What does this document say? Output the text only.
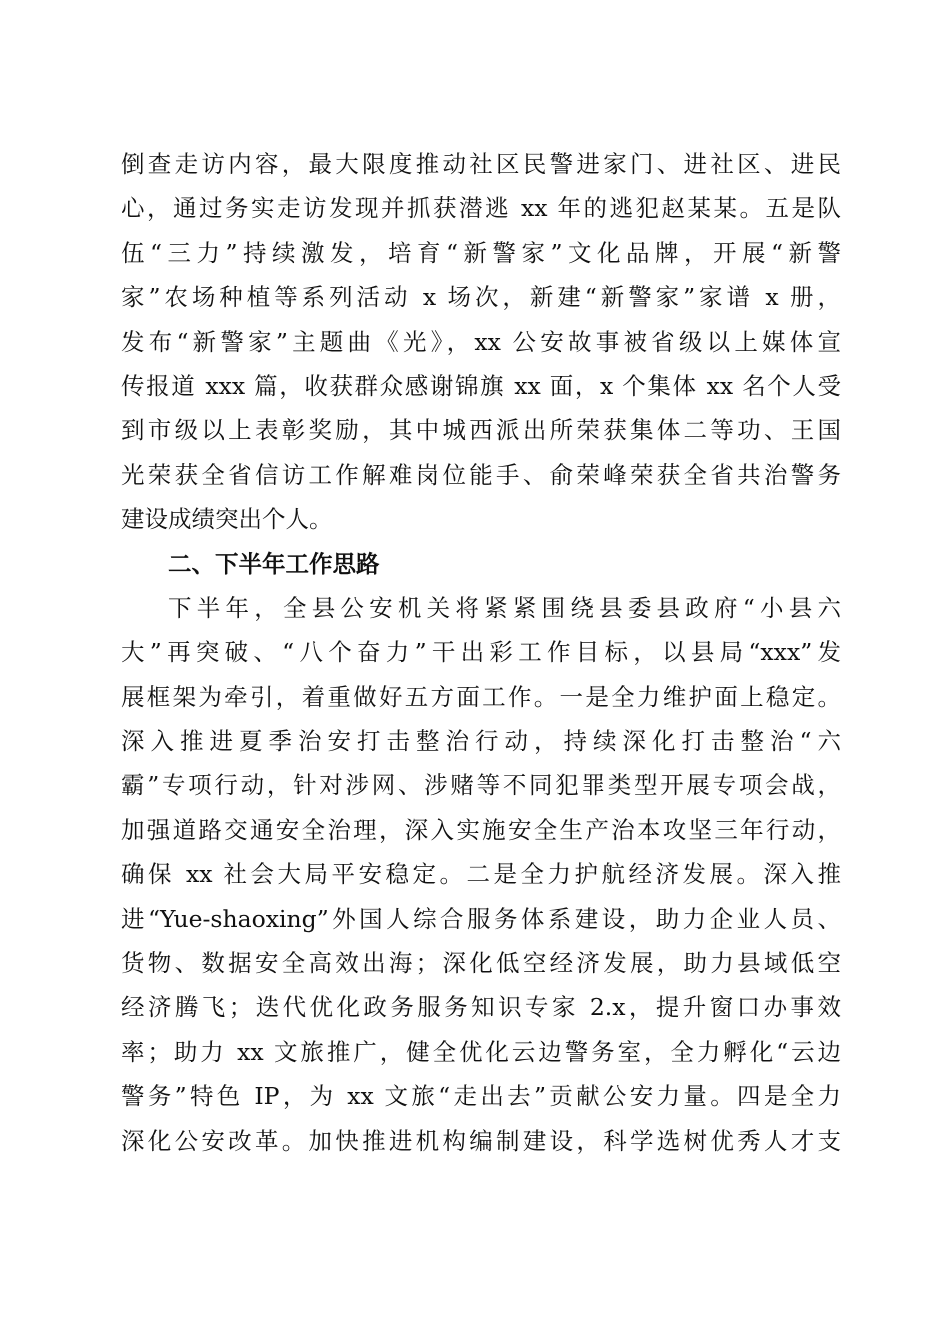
倒查走访内容，最大限度推动社区民警进家门、进社区、进民
心，通过务实走访发现并抓获潜逃 xx 年的逃犯赵某某。五是队
伍“三力”持续激发，培育“新警家”文化品牌，开展“新警
家”农场种植等系列活动 x 场次，新建“新警家”家谱 x 册，
发布“新警家”主题曲《光》，xx 公安故事被省级以上媒体宣
传报道 xxx 篇，收获群众感谢锦旗 xx 面，x 个集体 xx 名个人受
到市级以上表彰奖励，其中城西派出所荣获集体二等功、王国
光荣获全省信访工作解难岗位能手、俞荣峰荣获全省共治警务
建设成绩突出个人。
二、下半年工作思路
下半年，全县公安机关将紧紧围绕县委县政府“小县六
大”再突破、“八个奋力”干出彩工作目标，以县局“xxx”发
展框架为牵引，着重做好五方面工作。一是全力维护面上稳定。
深入推进夏季治安打击整治行动，持续深化打击整治“六
霸”专项行动，针对涉网、涉赌等不同犯罪类型开展专项会战，
加强道路交通安全治理，深入实施安全生产治本攻坚三年行动，
确保 xx 社会大局平安稳定。二是全力护航经济发展。深入推
进“Yue-shaoxing”外国人综合服务体系建设，助力企业人员、
货物、数据安全高效出海；深化低空经济发展，助力县域低空
经济腾飞；迭代优化政务服务知识专家 2.x，提升窗口办事效
率；助力 xx 文旅推广，健全优化云边警务室，全力孵化“云边
警务”特色 IP，为 xx 文旅“走出去”贡献公安力量。四是全力
深化公安改革。加快推进机构编制建设，科学选树优秀人才支
